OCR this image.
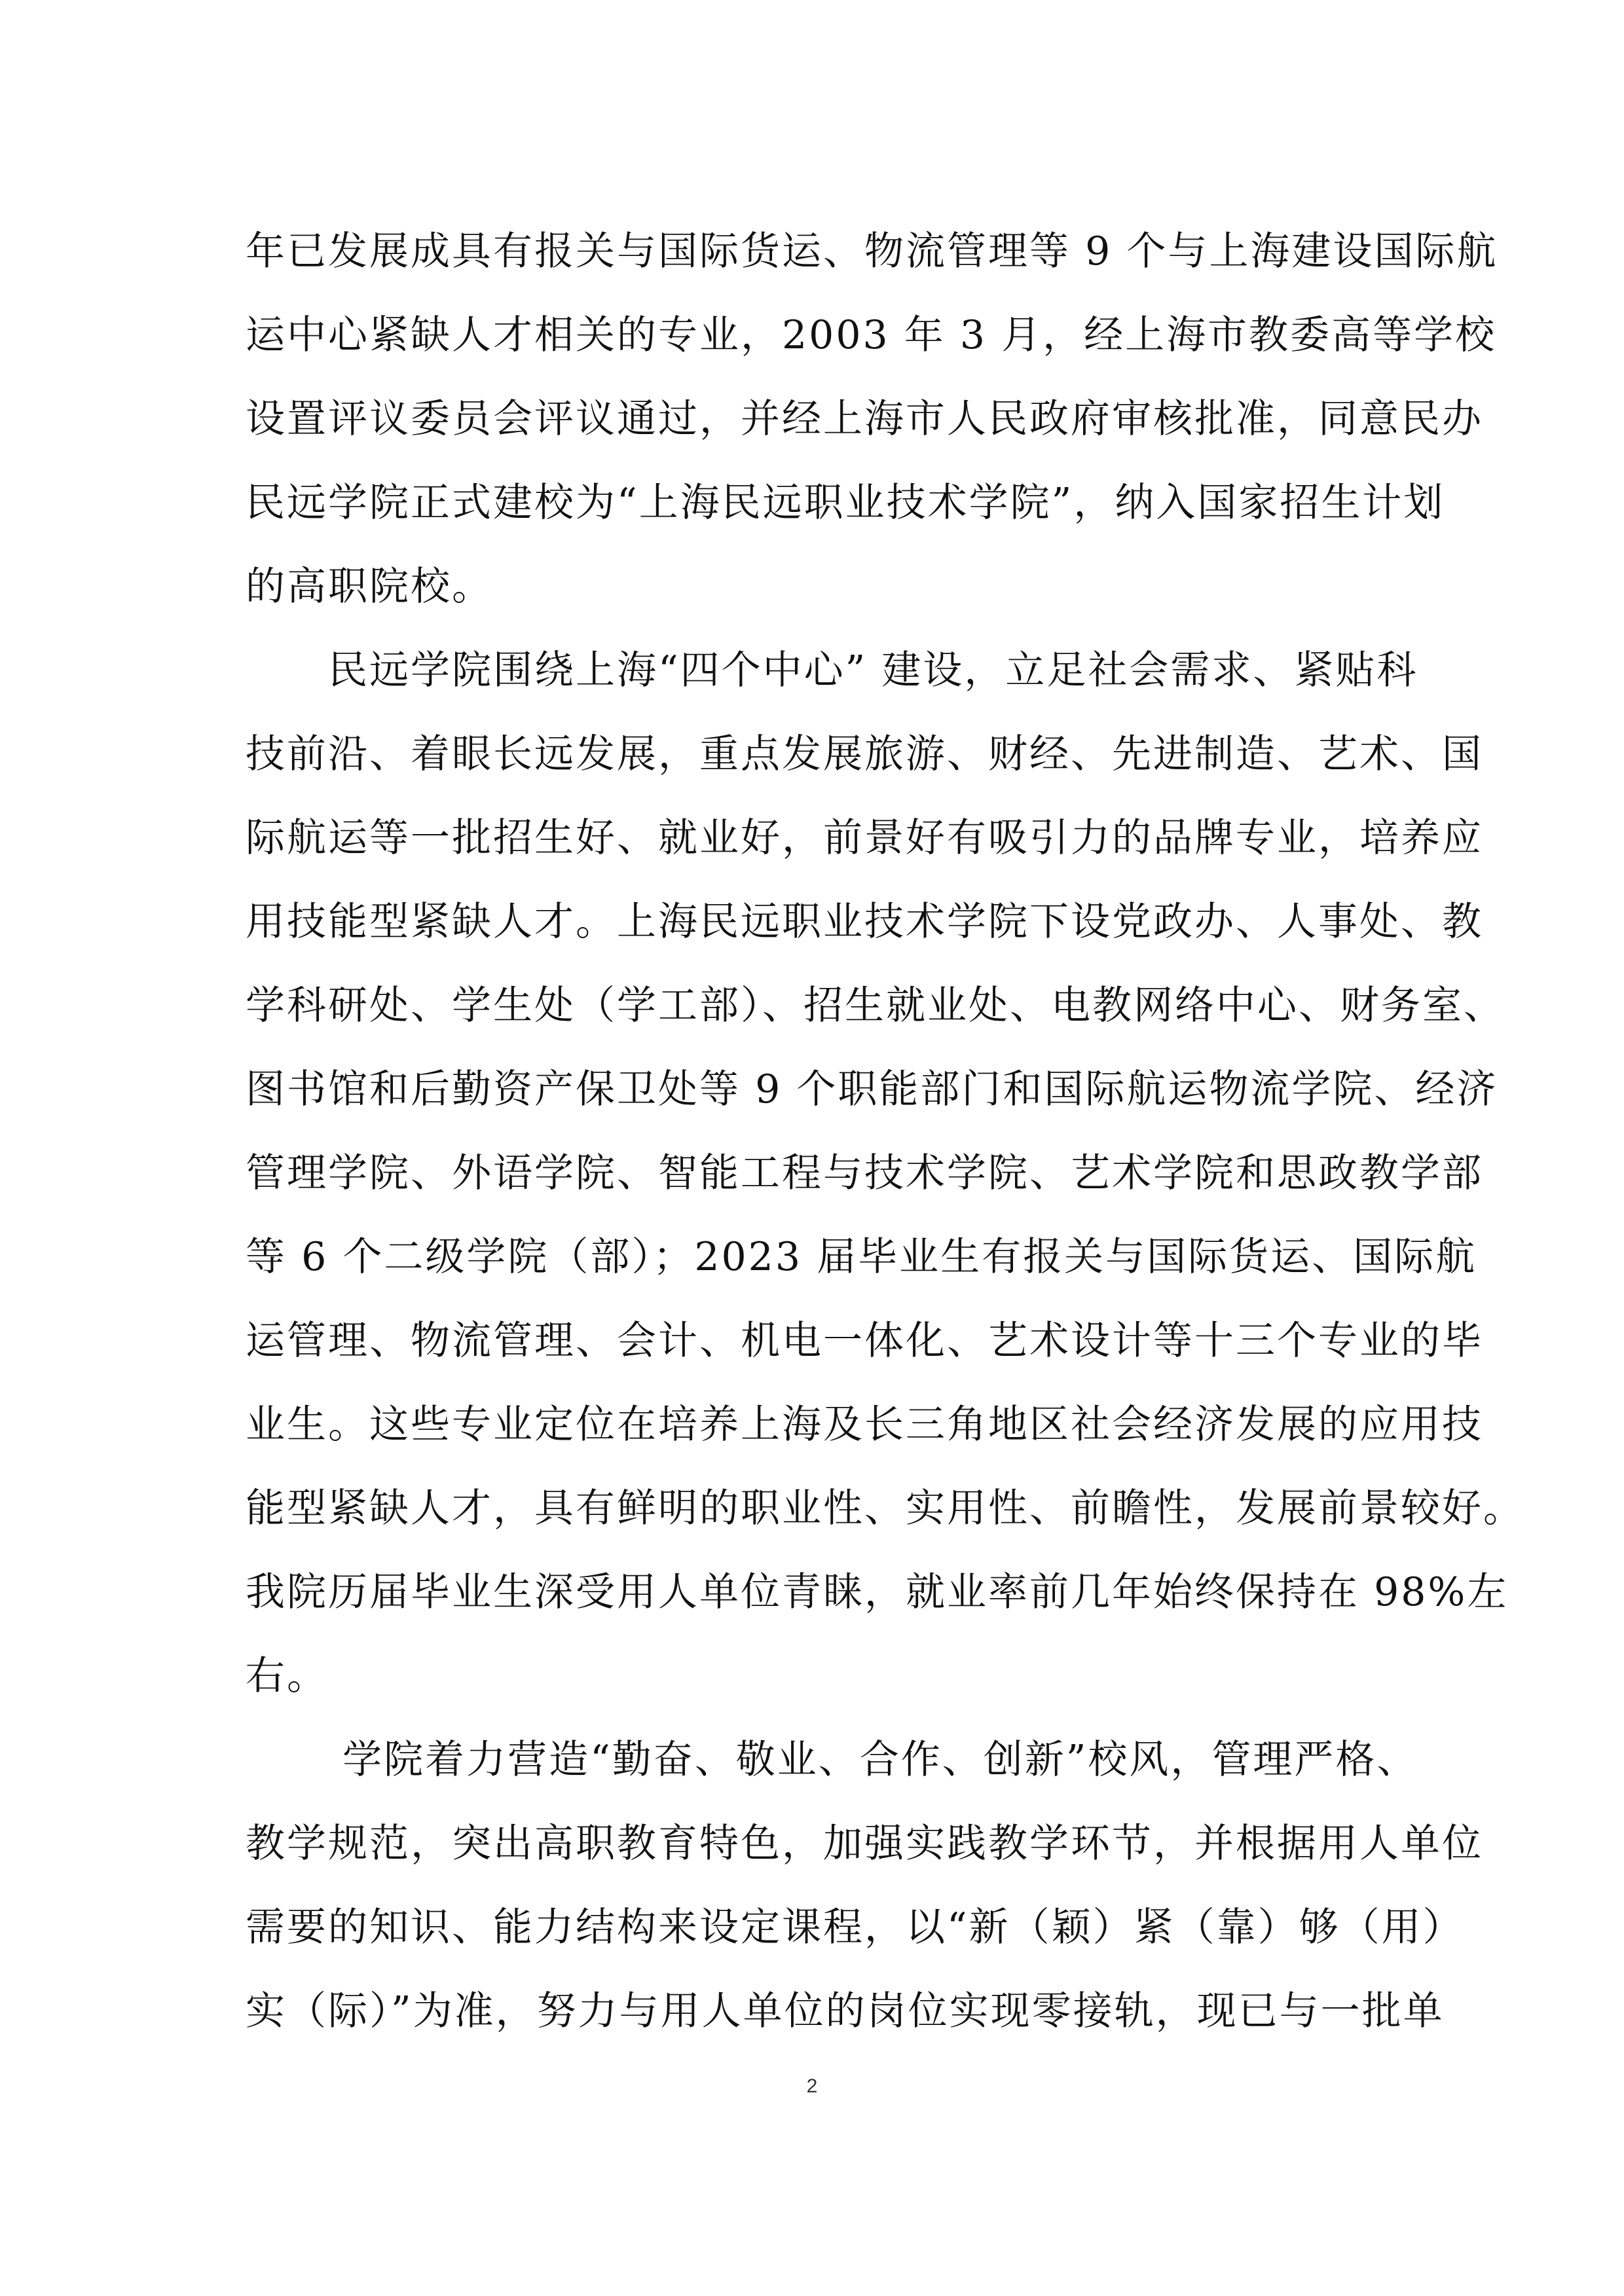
年已发展成具有报关与国际货运、物流管理等 9 个与上海建设国际航
运中心紧缺人才相关的专业，2003 年 3 月，经上海市教委高等学校
设置评议委员会评议通过，并经上海市人民政府审核批准，同意民办
民远学院正式建校为“上海民远职业技术学院”，纳入国家招生计划
的高职院校。
　　民远学院围绕上海“四个中心” 建设，立足社会需求、紧贴科
技前沿、着眼长远发展，重点发展旅游、财经、先进制造、艺术、国
际航运等一批招生好、就业好，前景好有吸引力的品牌专业，培养应
用技能型紧缺人才。上海民远职业技术学院下设党政办、人事处、教
学科研处、学生处（学工部）、招生就业处、电教网络中心、财务室、
图书馆和后勤资产保卫处等 9 个职能部门和国际航运物流学院、经济
管理学院、外语学院、智能工程与技术学院、艺术学院和思政教学部
等 6 个二级学院（部）；2023 届毕业生有报关与国际货运、国际航
运管理、物流管理、会计、机电一体化、艺术设计等十三个专业的毕
业生。这些专业定位在培养上海及长三角地区社会经济发展的应用技
能型紧缺人才，具有鲜明的职业性、实用性、前瞻性，发展前景较好。
我院历届毕业生深受用人单位青睐，就业率前几年始终保持在 98%左
右。
　　 学院着力营造“勤奋、敬业、合作、创新”校风，管理严格、
教学规范，突出高职教育特色，加强实践教学环节，并根据用人单位
需要的知识、能力结构来设定课程，以“新（颖）紧（靠）够（用）
实（际）”为准，努力与用人单位的岗位实现零接轨，现已与一批单
2
